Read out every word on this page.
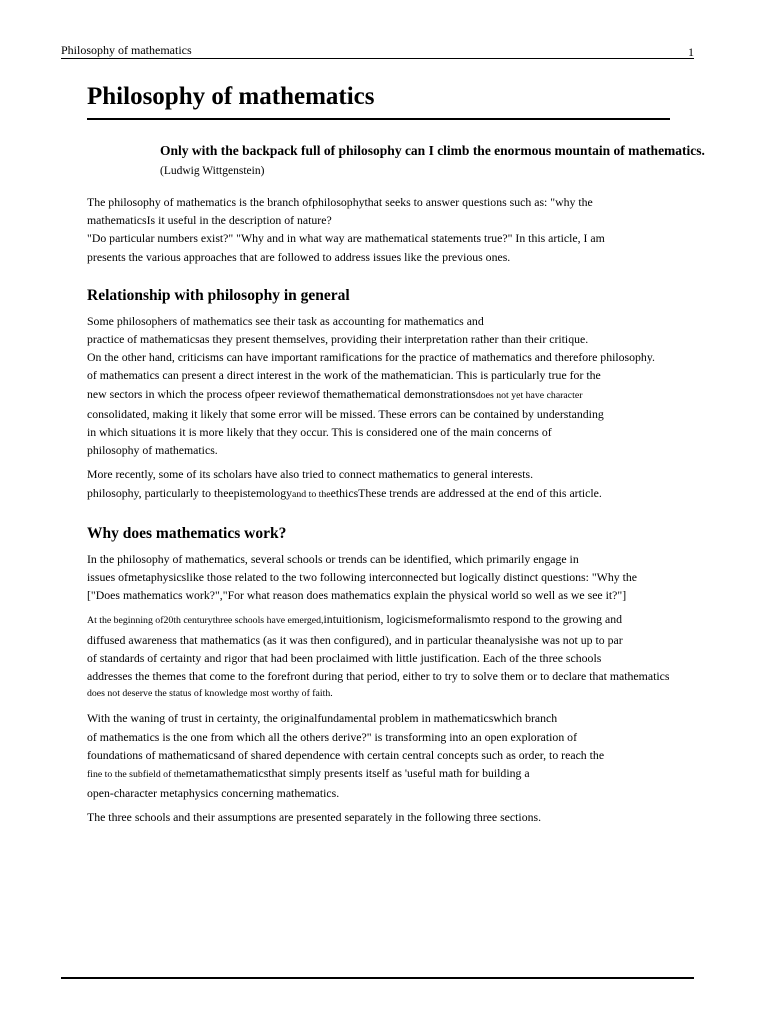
Philosophy of mathematics	1
Philosophy of mathematics
Only with the backpack full of philosophy can I climb the enormous mountain of mathematics.
(Ludwig Wittgenstein)

The philosophy of mathematics is the branch ofphilosophythat seeks to answer questions such as: "why the
mathematicsIs it useful in the description of nature?
"Do particular numbers exist?" "Why and in what way are mathematical statements true?" In this article, I am
presents the various approaches that are followed to address issues like the previous ones.

Relationship with philosophy in general

Some philosophers of mathematics see their task as accounting for mathematics and
practice of mathematicsas they present themselves, providing their interpretation rather than their critique.
On the other hand, criticisms can have important ramifications for the practice of mathematics and therefore philosophy.
of mathematics can present a direct interest in the work of the mathematician. This is particularly true for the
new sectors in which the process ofpeer reviewof themathematical demonstrationsdoes not yet have character
consolidated, making it likely that some error will be missed. These errors can be contained by understanding
in which situations it is more likely that they occur. This is considered one of the main concerns of
philosophy of mathematics.

More recently, some of its scholars have also tried to connect mathematics to general interests.
philosophy, particularly to theepistemologyand to theethicsThese trends are addressed at the end of this article.

Why does mathematics work?

In the philosophy of mathematics, several schools or trends can be identified, which primarily engage in
issues ofmetaphysicslike those related to the two following interconnected but logically distinct questions: "Why the
["Does mathematics work?","For what reason does mathematics explain the physical world so well as we see it?"]

At the beginning of20th centurythree schools have emerged,intuitionism, logicismeformalismto respond to the growing and
diffused awareness that mathematics (as it was then configured), and in particular theanalysishe was not up to par
of standards of certainty and rigor that had been proclaimed with little justification. Each of the three schools
addresses the themes that come to the forefront during that period, either to try to solve them or to declare that mathematics
does not deserve the status of knowledge most worthy of faith.

With the waning of trust in certainty, the originalfundamental problem in mathematicswhich branch
of mathematics is the one from which all the others derive?" is transforming into an open exploration of
foundations of mathematicsand of shared dependence with certain central concepts such as order, to reach the
fine to the subfield of themetamathematicsthat simply presents itself as 'useful math for building a
open-character metaphysics concerning mathematics.

The three schools and their assumptions are presented separately in the following three sections.
